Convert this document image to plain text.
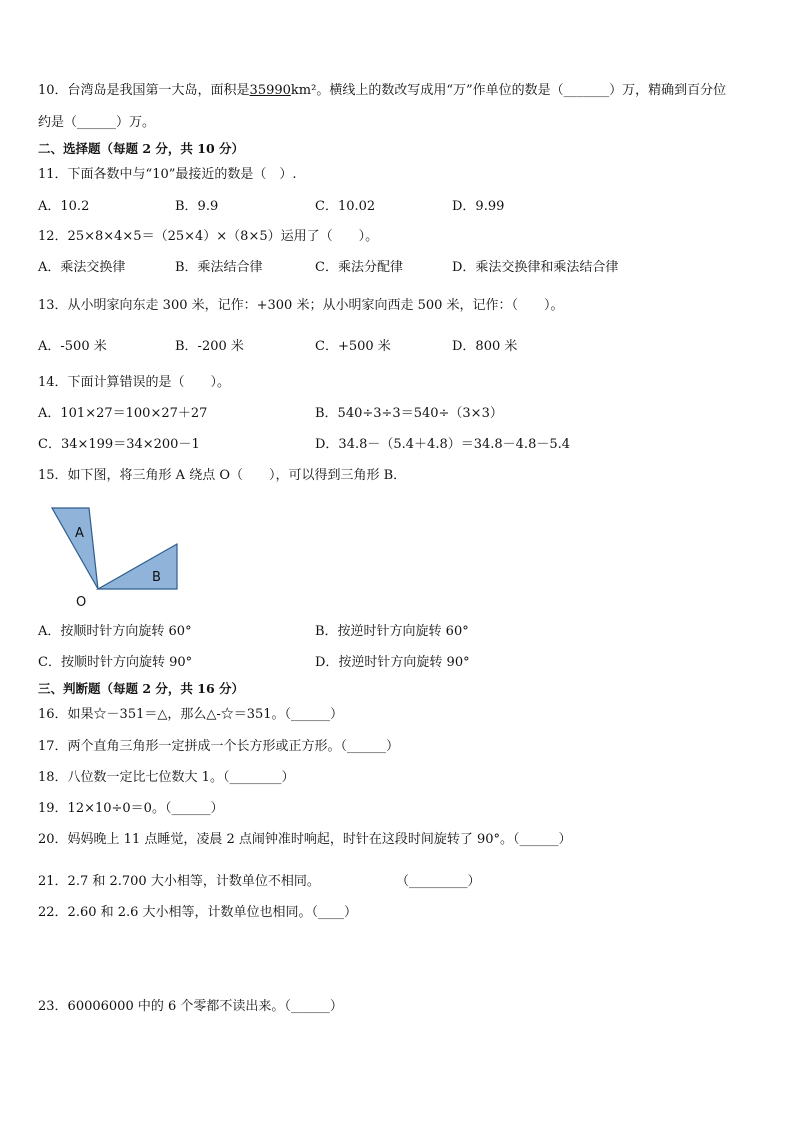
10．台湾岛是我国第一大岛，面积是35990km²。横线上的数改写成用“万”作单位的数是（_______）万，精确到百分位
约是（______）万。
二、选择题（每题 2 分，共 10 分）
11．下面各数中与“10”最接近的数是（　）.
A．10.2	B．9.9	C．10.02	D．9.99
12．25×8×4×5＝（25×4）×（8×5）运用了（　　）。
A．乘法交换律	B．乘法结合律	C．乘法分配律	D．乘法交换律和乘法结合律
13．从小明家向东走 300 米，记作：+300 米；从小明家向西走 500 米，记作：（　　）。
A．-500 米	B．-200 米	C．+500 米	D．800 米
14．下面计算错误的是（　　）。
A．101×27＝100×27＋27	B．540÷3÷3＝540÷（3×3）
C．34×199＝34×200－1	D．34.8－（5.4＋4.8）＝34.8－4.8－5.4
15．如下图，将三角形 A 绕点 O（　　），可以得到三角形 B．
A
B
O
A．按顺时针方向旋转 60°	B．按逆时针方向旋转 60°
C．按顺时针方向旋转 90°	D．按逆时针方向旋转 90°
三、判断题（每题 2 分，共 16 分）
16．如果☆－351＝△，那么△-☆＝351。（______）
17．两个直角三角形一定拼成一个长方形或正方形。（______）
18．八位数一定比七位数大 1。（________）
19．12×10÷0＝0。（______）
20．妈妈晚上 11 点睡觉，凌晨 2 点闹钟准时响起，时针在这段时间旋转了 90°。（______）
21．2.7 和 2.700 大小相等，计数单位不相同。	（_________）
22．2.60 和 2.6 大小相等，计数单位也相同。（____）
23．60006000 中的 6 个零都不读出来。（______）
